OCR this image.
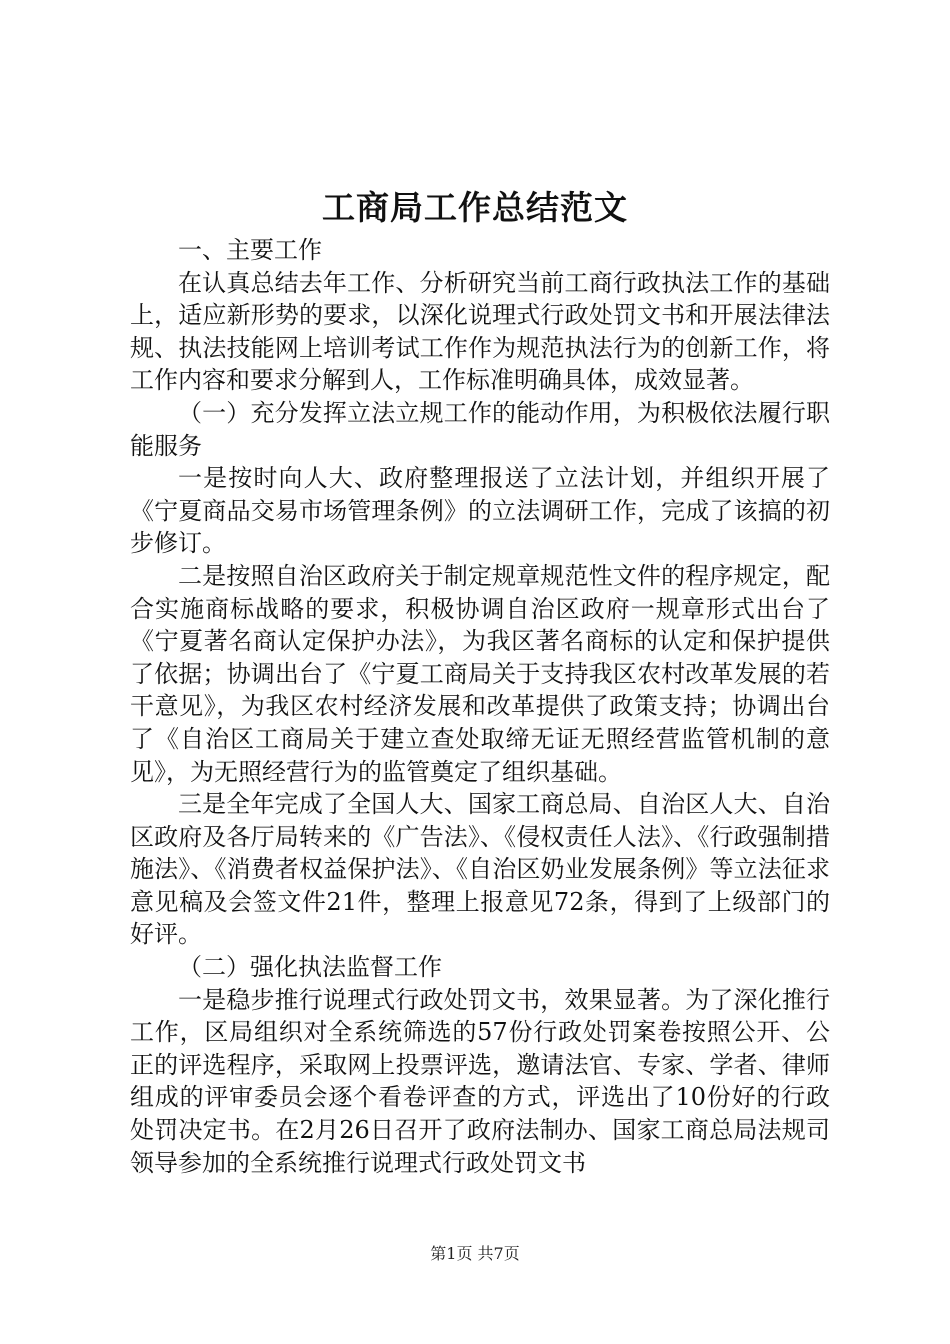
工商局工作总结范文

一、主要工作

在认真总结去年工作、分析研究当前工商行政执法工作的基础上，适应新形势的要求，以深化说理式行政处罚文书和开展法律法规、执法技能网上培训考试工作作为规范执法行为的创新工作，将工作内容和要求分解到人，工作标准明确具体，成效显著。

（一）充分发挥立法立规工作的能动作用，为积极依法履行职能服务

一是按时向人大、政府整理报送了立法计划，并组织开展了《宁夏商品交易市场管理条例》的立法调研工作，完成了该搞的初步修订。

二是按照自治区政府关于制定规章规范性文件的程序规定，配合实施商标战略的要求，积极协调自治区政府一规章形式出台了《宁夏著名商认定保护办法》，为我区著名商标的认定和保护提供了依据；协调出台了《宁夏工商局关于支持我区农村改革发展的若干意见》，为我区农村经济发展和改革提供了政策支持；协调出台了《自治区工商局关于建立查处取缔无证无照经营监管机制的意见》，为无照经营行为的监管奠定了组织基础。

三是全年完成了全国人大、国家工商总局、自治区人大、自治区政府及各厅局转来的《广告法》、《侵权责任人法》、《行政强制措施法》、《消费者权益保护法》、《自治区奶业发展条例》等立法征求意见稿及会签文件21件，整理上报意见72条，得到了上级部门的好评。

（二）强化执法监督工作

一是稳步推行说理式行政处罚文书，效果显著。为了深化推行工作，区局组织对全系统筛选的57份行政处罚案卷按照公开、公正的评选程序，采取网上投票评选，邀请法官、专家、学者、律师组成的评审委员会逐个看卷评查的方式，评选出了10份好的行政处罚决定书。在2月26日召开了政府法制办、国家工商总局法规司领导参加的全系统推行说理式行政处罚文书

第1页 共7页
